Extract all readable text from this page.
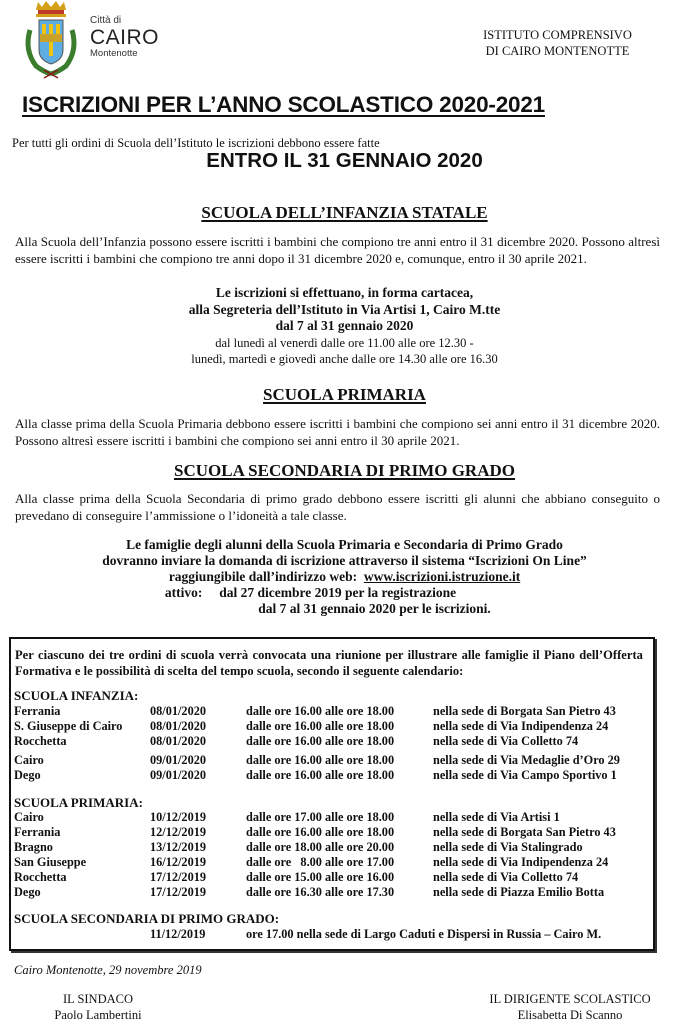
Città di
CAIRO
Montenotte
ISTITUTO COMPRENSIVO
DI CAIRO MONTENOTTE
ISCRIZIONI PER L’ANNO SCOLASTICO 2020-2021
Per tutti gli ordini di Scuola dell’Istituto le iscrizioni debbono essere fatte
ENTRO IL 31 GENNAIO 2020
SCUOLA DELL’INFANZIA STATALE
Alla Scuola dell’Infanzia possono essere iscritti i bambini che compiono tre anni entro il 31 dicembre 2020. Possono altresì essere iscritti i bambini che compiono tre anni dopo il 31 dicembre 2020 e, comunque, entro il 30 aprile 2021.
Le iscrizioni si effettuano, in forma cartacea,
alla Segreteria dell’Istituto in Via Artisi 1, Cairo M.tte
dal 7 al 31 gennaio 2020
dal lunedì al venerdì dalle ore 11.00 alle ore 12.30 -
lunedì, martedì e giovedì anche dalle ore 14.30 alle ore 16.30
SCUOLA PRIMARIA
Alla classe prima della Scuola Primaria debbono essere iscritti i bambini che compiono sei anni entro il 31 dicembre 2020. Possono altresì essere iscritti i bambini che compiono sei anni entro il 30 aprile 2021.
SCUOLA SECONDARIA DI PRIMO GRADO
Alla classe prima della Scuola Secondaria di primo grado debbono essere iscritti gli alunni che abbiano conseguito o prevedano di conseguire l’ammissione o l’idoneità a tale classe.
Le famiglie degli alunni della Scuola Primaria e Secondaria di Primo Grado
dovranno inviare la domanda di iscrizione attraverso il sistema “Iscrizioni On Line”
raggiungibile dall’indirizzo web:  www.iscrizioni.istruzione.it
attivo: dal 27 dicembre 2019 per la registrazione
dal 7 al 31 gennaio 2020 per le iscrizioni.
Per ciascuno dei tre ordini di scuola verrà convocata una riunione per illustrare alle famiglie il Piano dell’Offerta Formativa e le possibilità di scelta del tempo scuola, secondo il seguente calendario:
SCUOLA INFANZIA:
Ferrania	08/01/2020	dalle ore 16.00 alle ore 18.00	nella sede di Borgata San Pietro 43
S. Giuseppe di Cairo 08/01/2020	dalle ore 16.00 alle ore 18.00	nella sede di Via Indipendenza 24
Rocchetta	08/01/2020	dalle ore 16.00 alle ore 18.00	nella sede di Via Colletto 74
Cairo	09/01/2020	dalle ore 16.00 alle ore 18.00	nella sede di Via Medaglie d’Oro 29
Dego	09/01/2020	dalle ore 16.00 alle ore 18.00	nella sede di Via Campo Sportivo 1
SCUOLA PRIMARIA:
Cairo	10/12/2019	dalle ore 17.00 alle ore 18.00	nella sede di Via Artisi 1
Ferrania	12/12/2019	dalle ore 16.00 alle ore 18.00	nella sede di Borgata San Pietro 43
Bragno	13/12/2019	dalle ore 18.00 alle ore 20.00	nella sede di Via Stalingrado
San Giuseppe	16/12/2019	dalle ore   8.00 alle ore 17.00	nella sede di Via Indipendenza 24
Rocchetta	17/12/2019	dalle ore 15.00 alle ore 16.00	nella sede di Via Colletto 74
Dego	17/12/2019	dalle ore 16.30 alle ore 17.30	nella sede di Piazza Emilio Botta
SCUOLA SECONDARIA DI PRIMO GRADO:
11/12/2019	ore 17.00 nella sede di Largo Caduti e Dispersi in Russia – Cairo M.
Cairo Montenotte, 29 novembre 2019
IL SINDACO
Paolo Lambertini
IL DIRIGENTE SCOLASTICO
Elisabetta Di Scanno
